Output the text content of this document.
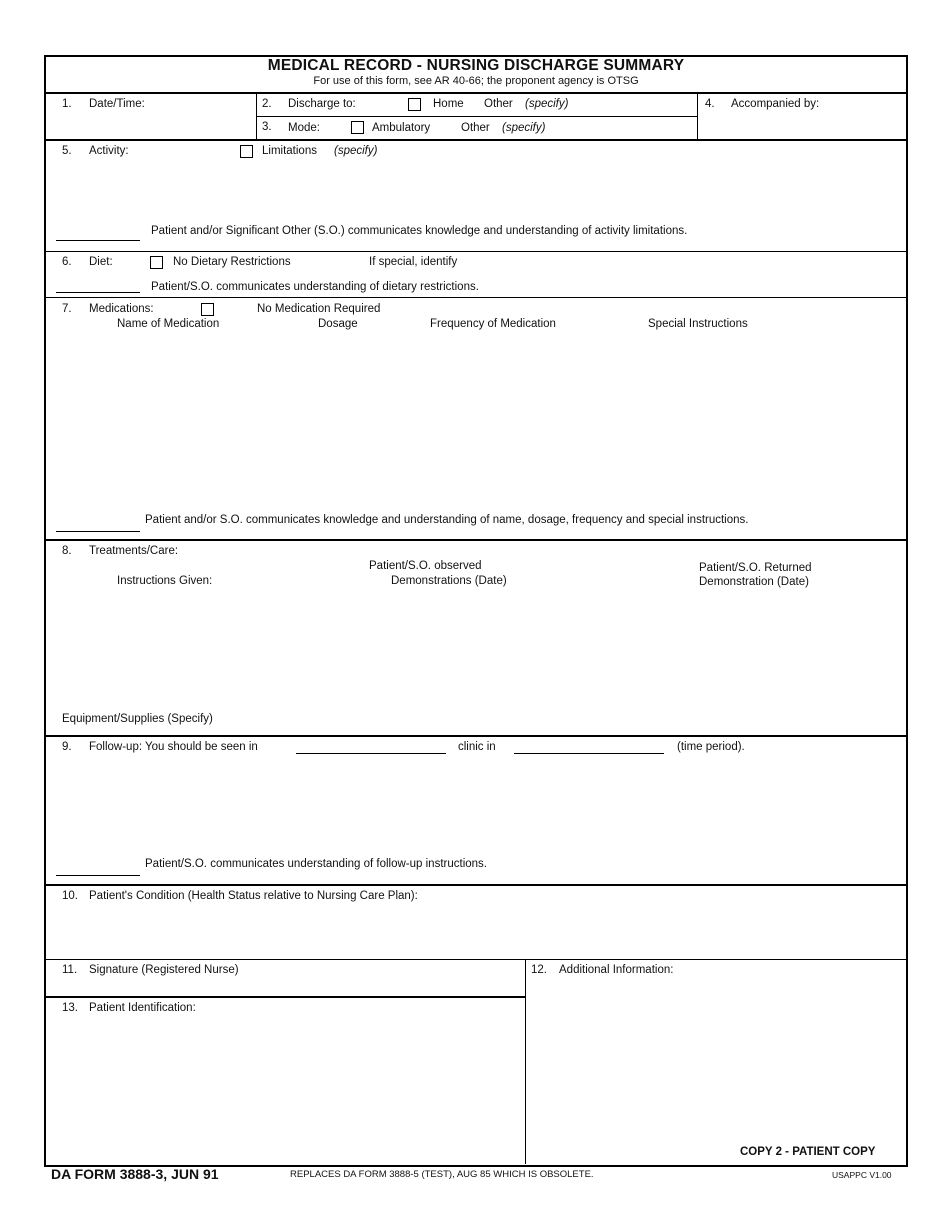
MEDICAL RECORD - NURSING DISCHARGE SUMMARY
For use of this form, see AR 40-66; the proponent agency is OTSG
1. Date/Time:	2. Discharge to:	Home Other (specify)
3. Mode:	Ambulatory	Other (specify)
4. Accompanied by:
5. Activity:	Limitations (specify)
Patient and/or Significant Other (S.O.) communicates knowledge and understanding of activity limitations.
6. Diet:	No Dietary Restrictions	If special, identify
Patient/S.O. communicates understanding of dietary restrictions.
7. Medications:	No Medication Required
Name of Medication	Dosage	Frequency of Medication	Special Instructions
Patient and/or S.O. communicates knowledge and understanding of name, dosage, frequency and special instructions.
8. Treatments/Care:
Instructions Given:
Patient/S.O. observed
Demonstrations (Date)
Patient/S.O. Returned
Demonstration (Date)
Equipment/Supplies (Specify)
9. Follow-up: You should be seen in	clinic in	(time period).
Patient/S.O. communicates understanding of follow-up instructions.
10. Patient's Condition (Health Status relative to Nursing Care Plan):
11. Signature (Registered Nurse)
13. Patient Identification:
12. Additional Information:
COPY 2 - PATIENT COPY
DA FORM 3888-3, JUN 91	REPLACES DA FORM 3888-5 (TEST), AUG 85 WHICH IS OBSOLETE.	USAPPC V1.00
